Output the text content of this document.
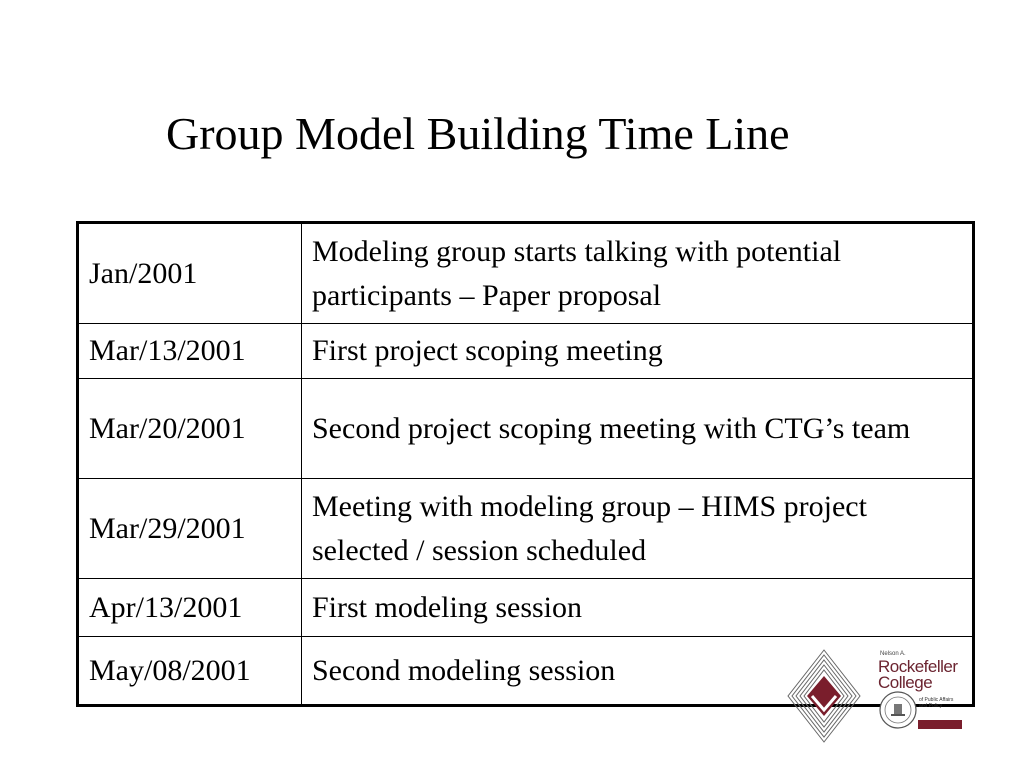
Group Model Building Time Line
Jan/2001	Modeling group starts talking with potential participants – Paper proposal
Mar/13/2001	First project scoping meeting
Mar/20/2001	Second project scoping meeting with CTG’s team
Mar/29/2001	Meeting with modeling group – HIMS project selected / session scheduled
Apr/13/2001	First modeling session
May/08/2001	Second modeling session	Nelson A.
Rockefeller
College
of Public Affairs and Policy
